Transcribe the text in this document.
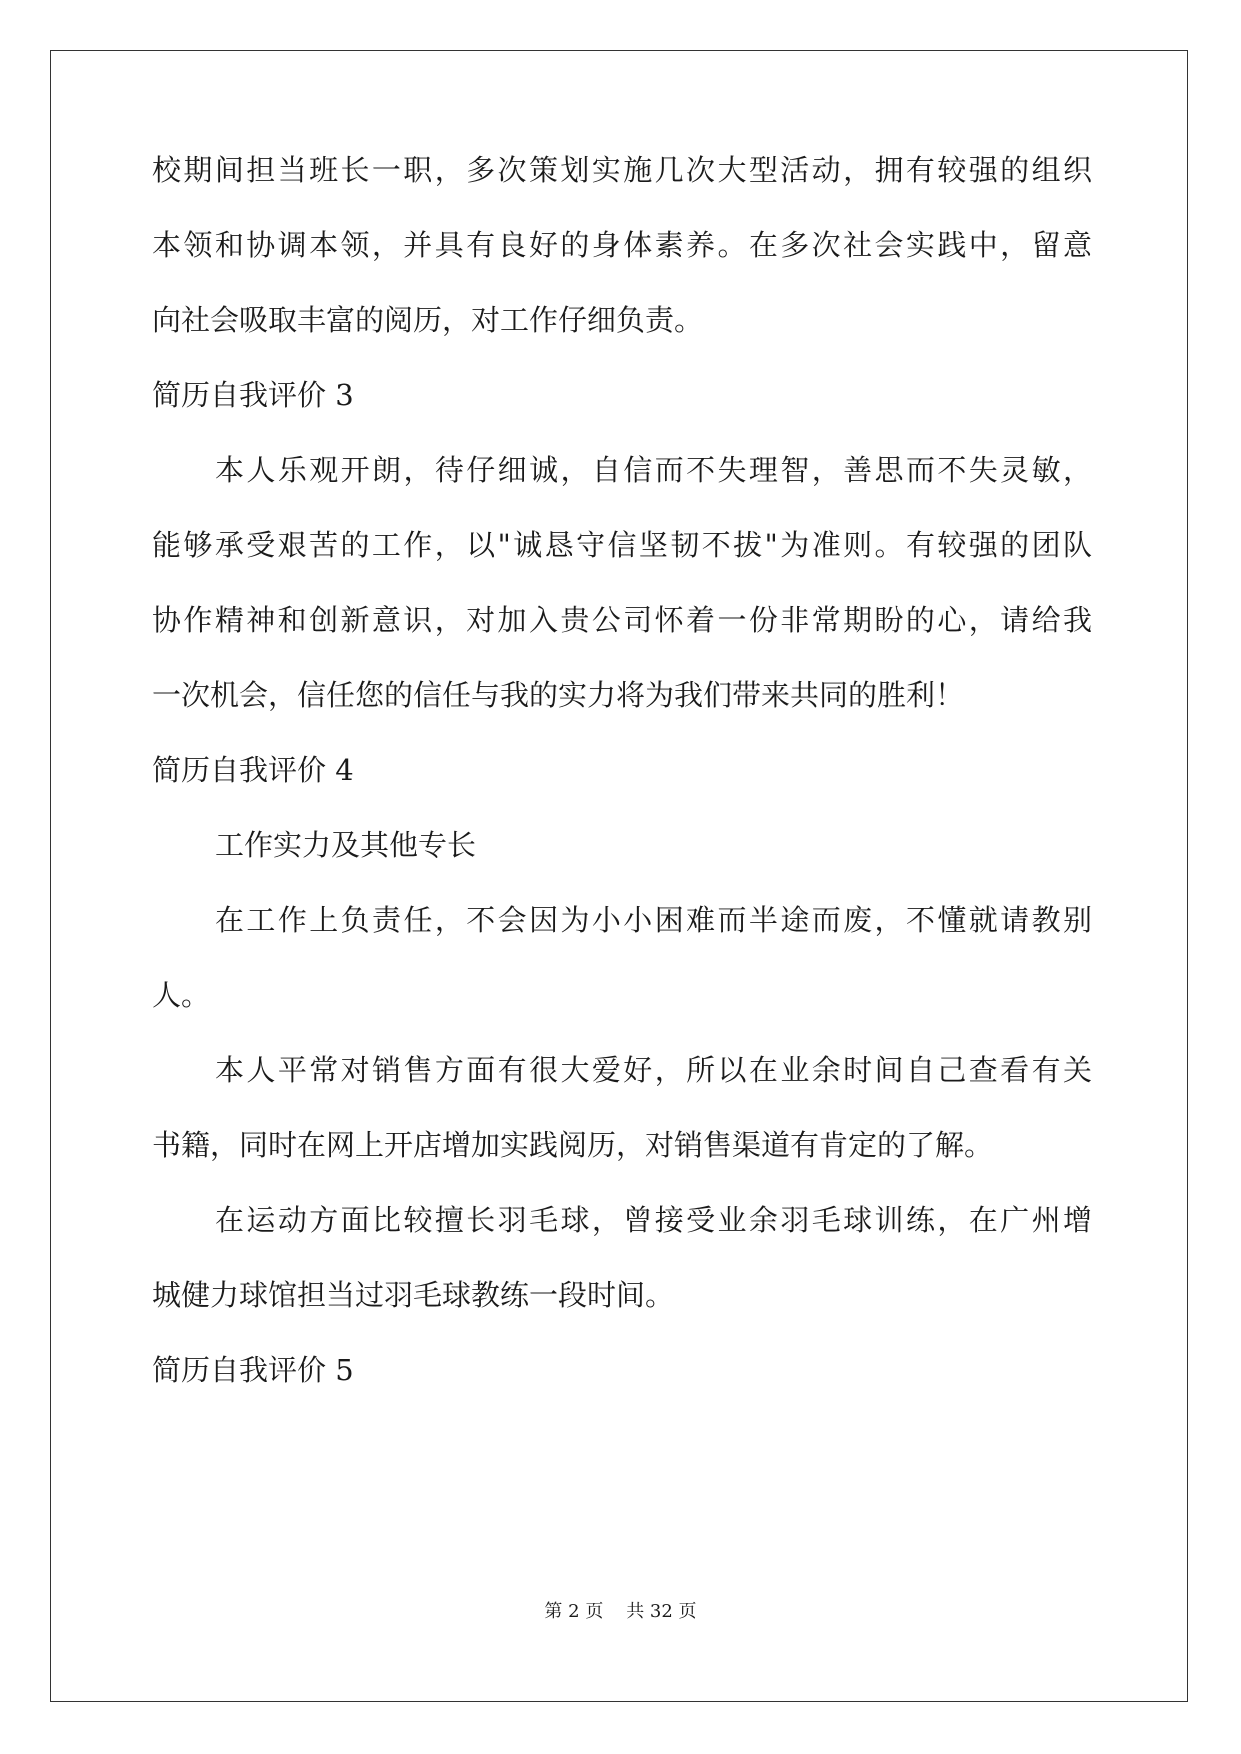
校期间担当班长一职，多次策划实施几次大型活动，拥有较强的组织
本领和协调本领，并具有良好的身体素养。在多次社会实践中，留意
向社会吸取丰富的阅历，对工作仔细负责。
简历自我评价 3
本人乐观开朗，待仔细诚，自信而不失理智，善思而不失灵敏，
能够承受艰苦的工作，以"诚恳守信坚韧不拔"为准则。有较强的团队
协作精神和创新意识，对加入贵公司怀着一份非常期盼的心，请给我
一次机会，信任您的信任与我的实力将为我们带来共同的胜利！
简历自我评价 4
工作实力及其他专长
在工作上负责任，不会因为小小困难而半途而废，不懂就请教别
人。
本人平常对销售方面有很大爱好，所以在业余时间自己查看有关
书籍，同时在网上开店增加实践阅历，对销售渠道有肯定的了解。
在运动方面比较擅长羽毛球，曾接受业余羽毛球训练，在广州增
城健力球馆担当过羽毛球教练一段时间。
简历自我评价 5
第 2 页    共 32 页
